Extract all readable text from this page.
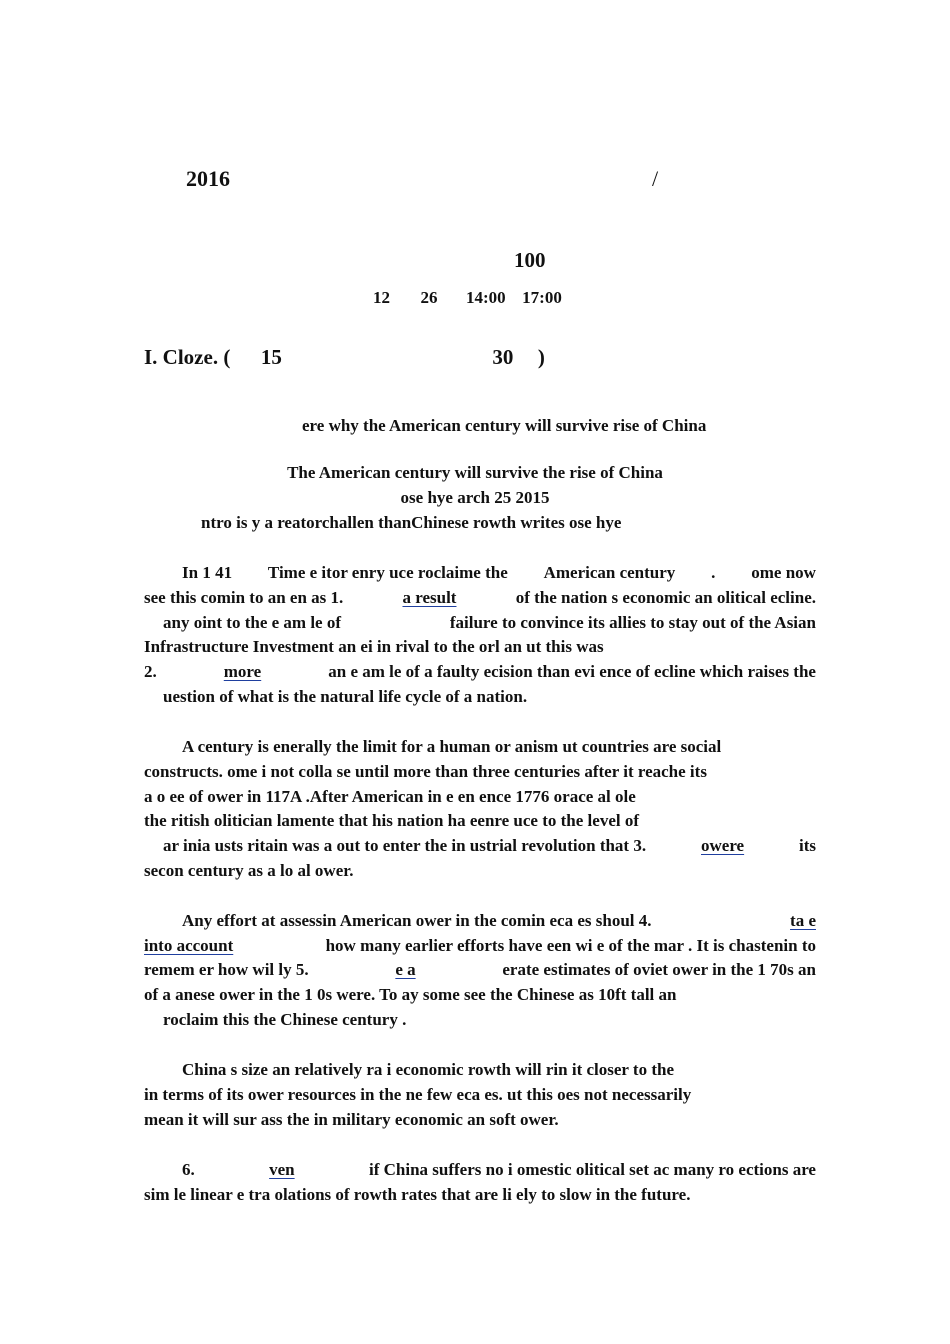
2016	/
100
12 26 14:00 17:00
I. Cloze. ( 15	30 )
ere why the American century will survive rise of China
The American century will survive the rise of China
ose hye arch 25 2015
ntro is y a reatorchallen thanChinese rowth writes ose hye
In 1 41 Time e itor enry uce roclaime the American century . ome now
see this comin to an en as 1.	a result	of the nation s economic an olitical ecline.
any oint to the e am le of	failure to convince its allies to stay out of the Asian
Infrastructure Investment an ei in rival to the orl an ut this was
2.	more	an e am le of a faulty ecision than evi ence of ecline which raises the
uestion of what is the natural life cycle of a nation.
A century is enerally the limit for a human or anism ut countries are social
constructs. ome i not colla se until more than three centuries after it reache its
a o ee of ower in 117A .After American in e en ence 1776 orace al ole
the ritish olitician lamente that his nation ha eenre uce to the level of
ar inia usts ritain was a out to enter the in ustrial revolution that 3.	owere	its
secon century as a lo al ower.
Any effort at assessin American ower in the comin eca es shoul 4.	ta e
into account	how many earlier efforts have een wi e of the mar . It is chastenin to
remem er how wil ly 5.	e a	erate estimates of oviet ower in the 1 70s an
of a anese ower in the 1 0s were. To ay some see the Chinese as 10ft tall an
roclaim this the Chinese century .
China s size an relatively ra i economic rowth will rin it closer to the
in terms of its ower resources in the ne few eca es. ut this oes not necessarily
mean it will sur ass the in military economic an soft ower.
6.	ven	if China suffers no i omestic olitical set ac many ro ections are
sim le linear e tra olations of rowth rates that are li ely to slow in the future.
